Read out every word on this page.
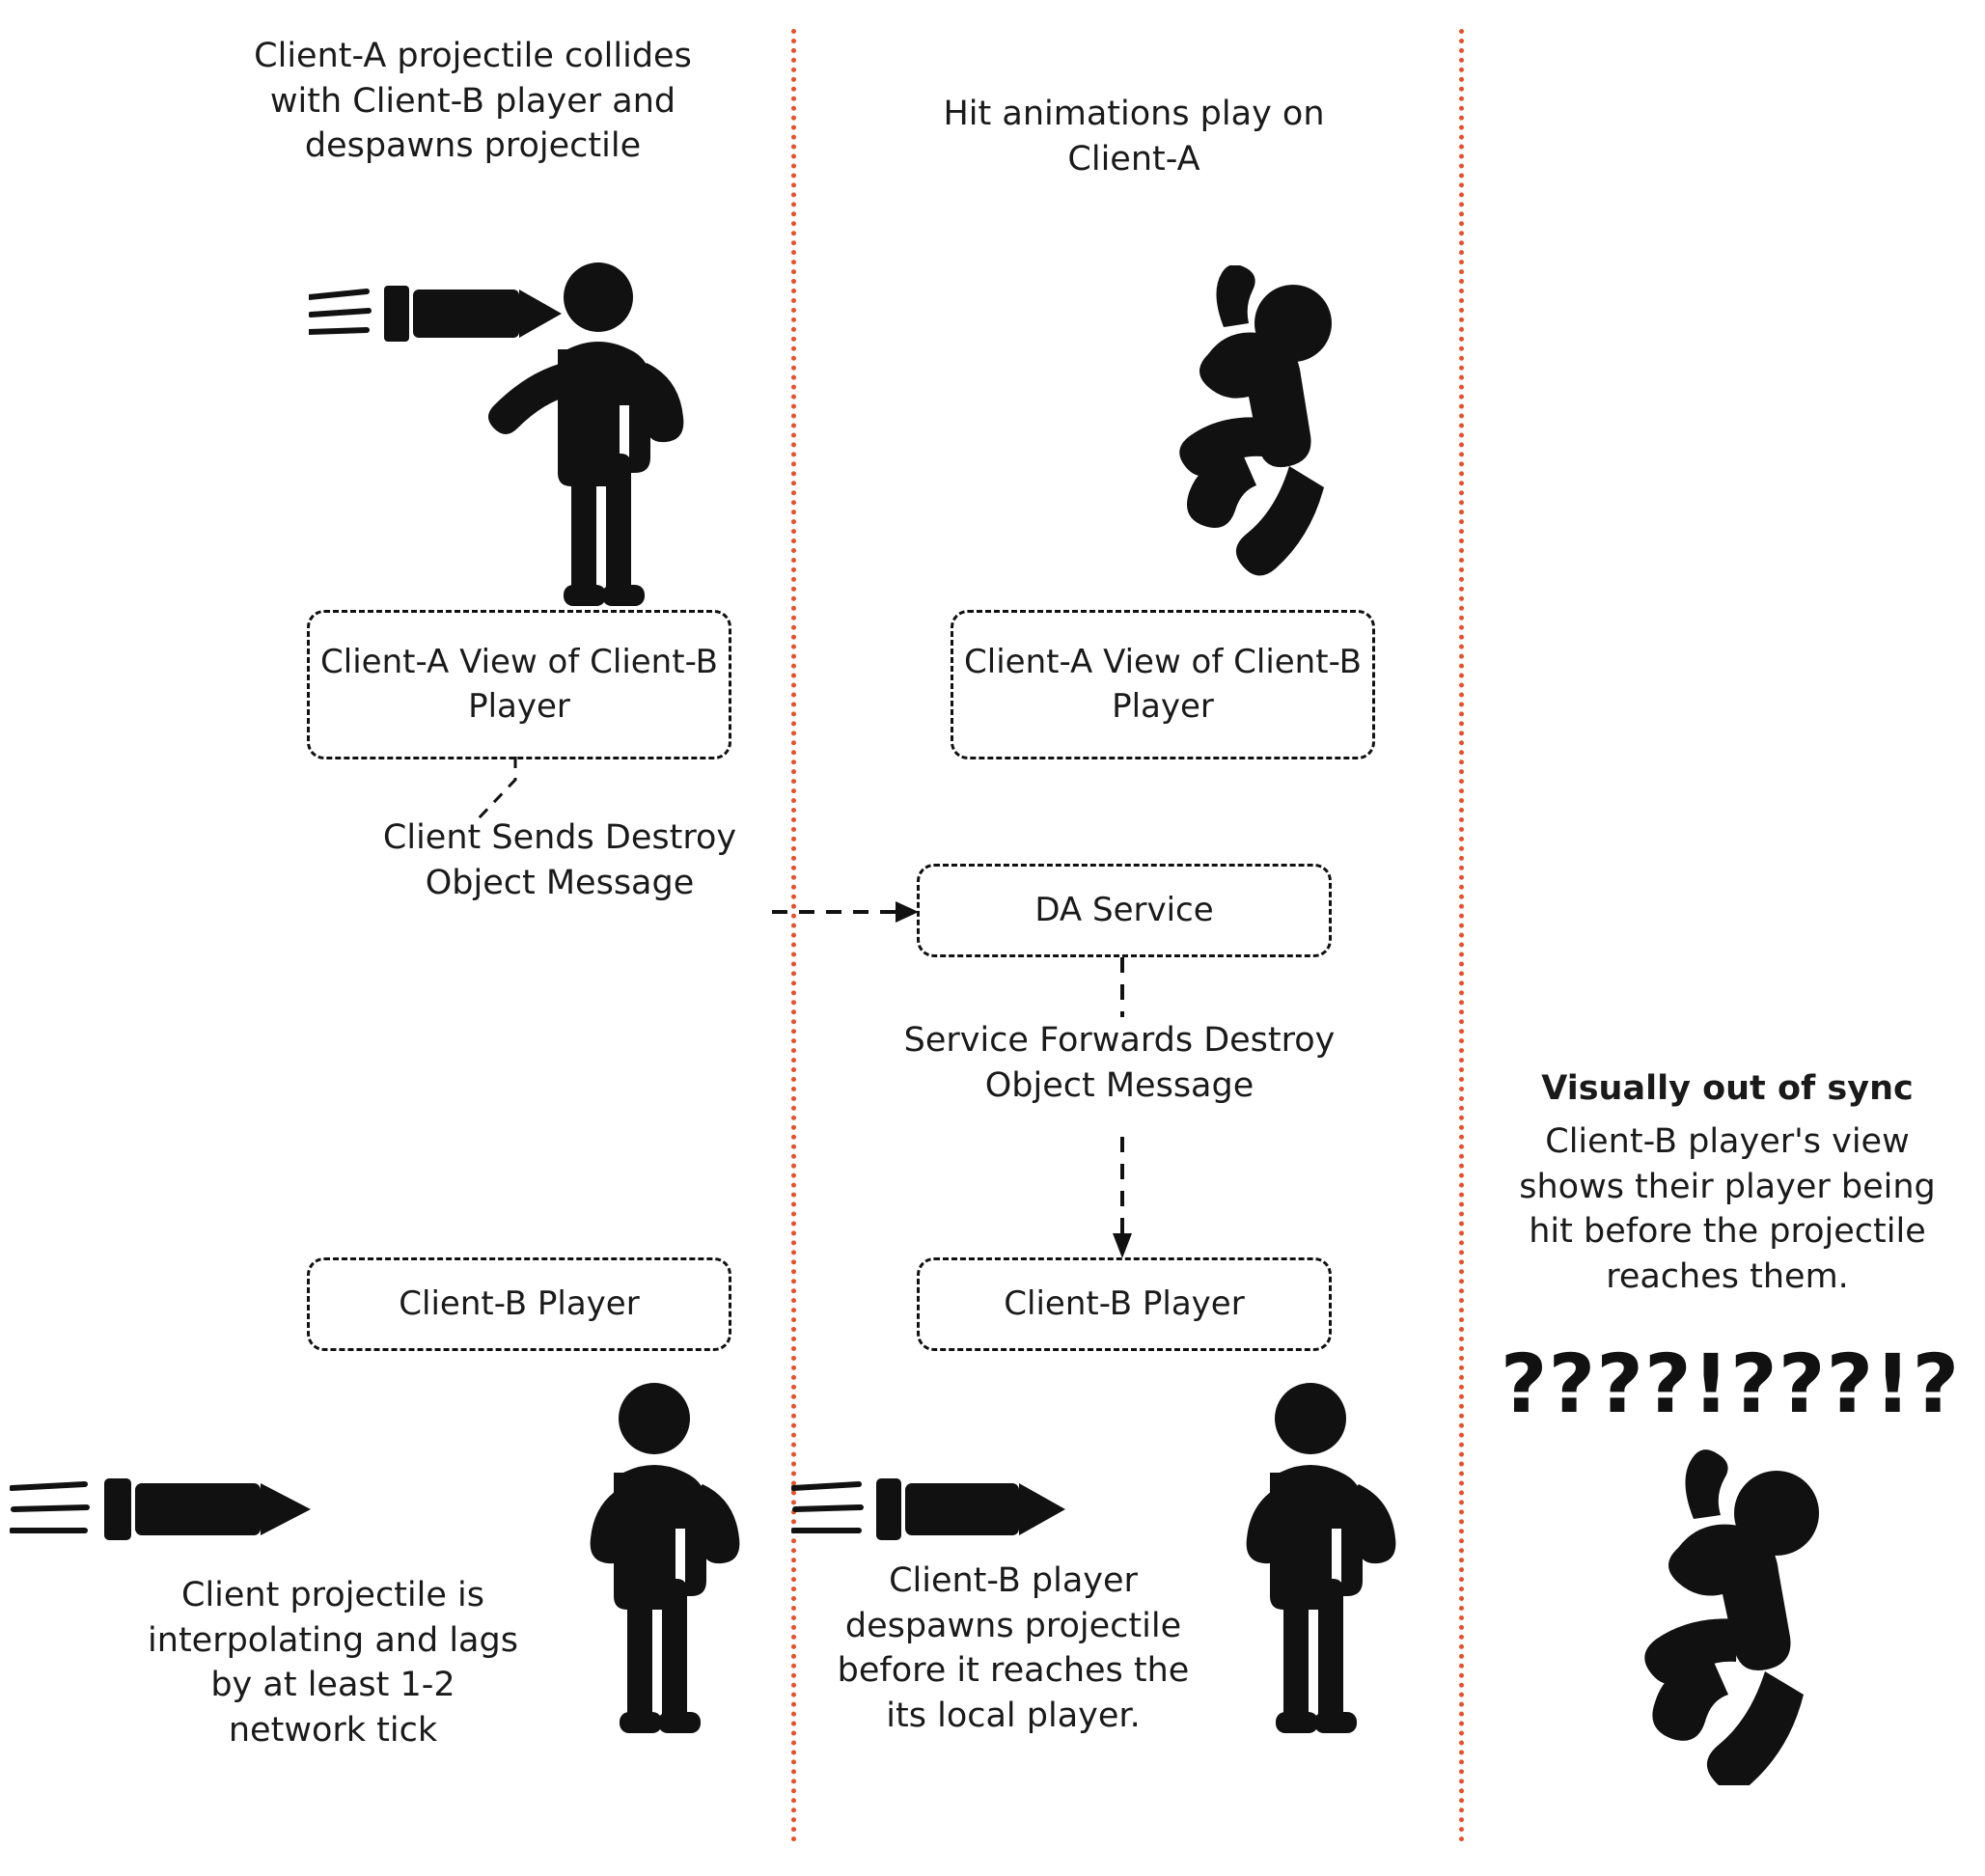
Client-A projectile collides with Client-B player and despawns projectile
Hit animations play on Client-A
Client-A View of Client-B Player
Client-A View of Client-B Player
Client Sends Destroy Object Message
DA Service
Service Forwards Destroy Object Message
Client-B Player	Client-B Player
Client projectile is interpolating and lags by at least 1-2 network tick
Client-B player despawns projectile before it reaches the its local player.
Visually out of sync
Client-B player's view shows their player being hit before the projectile reaches them.
????!???!?
